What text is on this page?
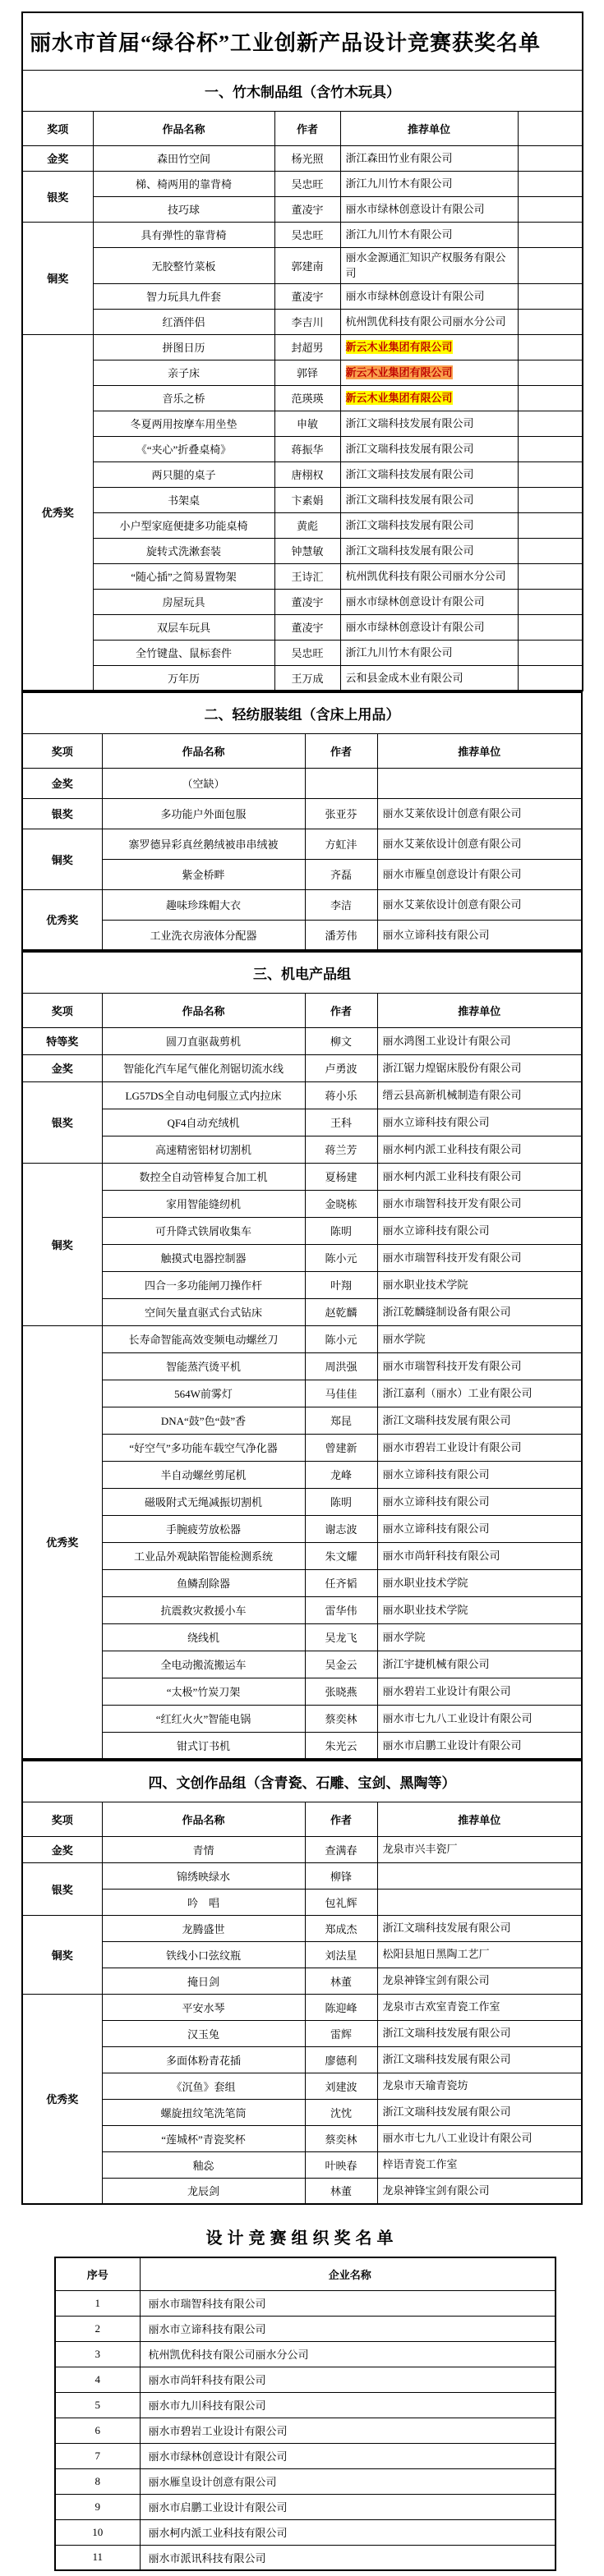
丽水市首届“绿谷杯”工业创新产品设计竞赛获奖名单				
一、竹木制品组（含竹木玩具）				
奖项	作品名称	作者	推荐单位	
金奖	森田竹空间	杨光照	浙江森田竹业有限公司	
银奖	梯、椅两用的靠背椅	吴忠旺	浙江九川竹木有限公司	
	技巧球	董凌宇	丽水市绿林创意设计有限公司	
铜奖	具有弹性的靠背椅	吴忠旺	浙江九川竹木有限公司	
	无胶整竹菜板	郭建南	丽水金源通汇知识产权服务有限公司	
	智力玩具九件套	董凌宇	丽水市绿林创意设计有限公司	
	红酒伴侣	李吉川	杭州凯优科技有限公司丽水分公司	
优秀奖	拼图日历	封超男	新云木业集团有限公司	
	亲子床	郭铎	新云木业集团有限公司	
	音乐之桥	范瑛瑛	新云木业集团有限公司	
	冬夏两用按摩车用坐垫	申敏	浙江文瑞科技发展有限公司	
	《“夹心”折叠桌椅》	蒋振华	浙江文瑞科技发展有限公司	
	两只腿的桌子	唐栩权	浙江文瑞科技发展有限公司	
	书架桌	卞素娟	浙江文瑞科技发展有限公司	
	小户型家庭便捷多功能桌椅	黄彪	浙江文瑞科技发展有限公司	
	旋转式洗漱套装	钟慧敏	浙江文瑞科技发展有限公司	
	“随心插”之简易置物架	王诗汇	杭州凯优科技有限公司丽水分公司	
	房屋玩具	董凌宇	丽水市绿林创意设计有限公司	
	双层车玩具	董凌宇	丽水市绿林创意设计有限公司	
	全竹键盘、鼠标套件	吴忠旺	浙江九川竹木有限公司	
	万年历	王万成	云和县金成木业有限公司	
二、轻纺服装组（含床上用品）			
奖项	作品名称	作者	推荐单位
金奖	（空缺）		
银奖	多功能户外面包服	张亚芬	丽水艾莱依设计创意有限公司
铜奖	寨罗德异彩真丝鹅绒被串串绒被	方虹沣	丽水艾莱依设计创意有限公司
	紫金桥畔	齐磊	丽水市雁皇创意设计有限公司
优秀奖	趣味珍珠帽大衣	李洁	丽水艾莱依设计创意有限公司
	工业洗衣房液体分配器	潘芳伟	丽水立谛科技有限公司
三、机电产品组			
奖项	作品名称	作者	推荐单位
特等奖	圆刀直驱裁剪机	柳文	丽水鸿图工业设计有限公司
金奖	智能化汽车尾气催化剂锯切流水线	卢勇波	浙江锯力煌锯床股份有限公司
银奖	LG57DS全自动电伺服立式内拉床	蒋小乐	缙云县高新机械制造有限公司
	QF4自动充绒机	王科	丽水立谛科技有限公司
	高速精密铝材切割机	蒋兰芳	丽水柯内派工业科技有限公司
铜奖	数控全自动管棒复合加工机	夏杨建	丽水柯内派工业科技有限公司
	家用智能缝纫机	金晓栋	丽水市瑞智科技开发有限公司
	可升降式铁屑收集车	陈明	丽水立谛科技有限公司
	触摸式电器控制器	陈小元	丽水市瑞智科技开发有限公司
	四合一多功能闸刀操作杆	叶翔	丽水职业技术学院
	空间矢量直驱式台式钻床	赵乾麟	浙江乾麟缝制设备有限公司
优秀奖	长寿命智能高效变频电动螺丝刀	陈小元	丽水学院
	智能蒸汽烫平机	周洪强	丽水市瑞智科技开发有限公司
	564W前雾灯	马佳佳	浙江嘉利（丽水）工业有限公司
	DNA“鼓”色“鼓”香	郑昆	浙江文瑞科技发展有限公司
	“好空气”多功能车载空气净化器	曾建新	丽水市碧岩工业设计有限公司
	半自动螺丝剪尾机	龙峰	丽水立谛科技有限公司
	磁吸附式无绳减振切割机	陈明	丽水立谛科技有限公司
	手腕疲劳放松器	谢志波	丽水立谛科技有限公司
	工业品外观缺陷智能检测系统	朱文耀	丽水市尚轩科技有限公司
	鱼鳞刮除器	任齐韬	丽水职业技术学院
	抗震救灾救援小车	雷华伟	丽水职业技术学院
	绕线机	吴龙飞	丽水学院
	全电动搬流搬运车	吴金云	浙江宇捷机械有限公司
	“太极”竹炭刀架	张晓燕	丽水碧岩工业设计有限公司
	“红红火火”智能电锅	蔡奕林	丽水市七九八工业设计有限公司
	钳式订书机	朱光云	丽水市启鹏工业设计有限公司
四、文创作品组（含青瓷、石雕、宝剑、黑陶等）			
奖项	作品名称	作者	推荐单位
金奖	青情	查满春	龙泉市兴丰瓷厂
银奖	锦绣映绿水	柳锋	
	吟　唱	包礼辉	
铜奖	龙腾盛世	郑成杰	浙江文瑞科技发展有限公司
	铁线小口弦纹瓶	刘法星	松阳县旭日黑陶工艺厂
	掩日剑	林董	龙泉神锋宝剑有限公司
优秀奖	平安水琴	陈迎峰	龙泉市古欢室青瓷工作室
	汉玉兔	雷辉	浙江文瑞科技发展有限公司
	多面体粉青花插	廖德利	浙江文瑞科技发展有限公司
	《沉鱼》套组	刘建波	龙泉市天瑜青瓷坊
	螺旋扭纹笔洗笔筒	沈忱	浙江文瑞科技发展有限公司
	“莲城杯”青瓷奖杯	蔡奕林	丽水市七九八工业设计有限公司
	釉惢	叶映春	梓语青瓷工作室
	龙辰剑	林董	龙泉神锋宝剑有限公司
设计竞赛组织奖名单
序号	企业名称
1	丽水市瑞智科技有限公司
2	丽水市立谛科技有限公司
3	杭州凯优科技有限公司丽水分公司
4	丽水市尚轩科技有限公司
5	丽水市九川科技有限公司
6	丽水市碧岩工业设计有限公司
7	丽水市绿林创意设计有限公司
8	丽水雁皇设计创意有限公司
9	丽水市启鹏工业设计有限公司
10	丽水柯内派工业科技有限公司
11	丽水市派讯科技有限公司
